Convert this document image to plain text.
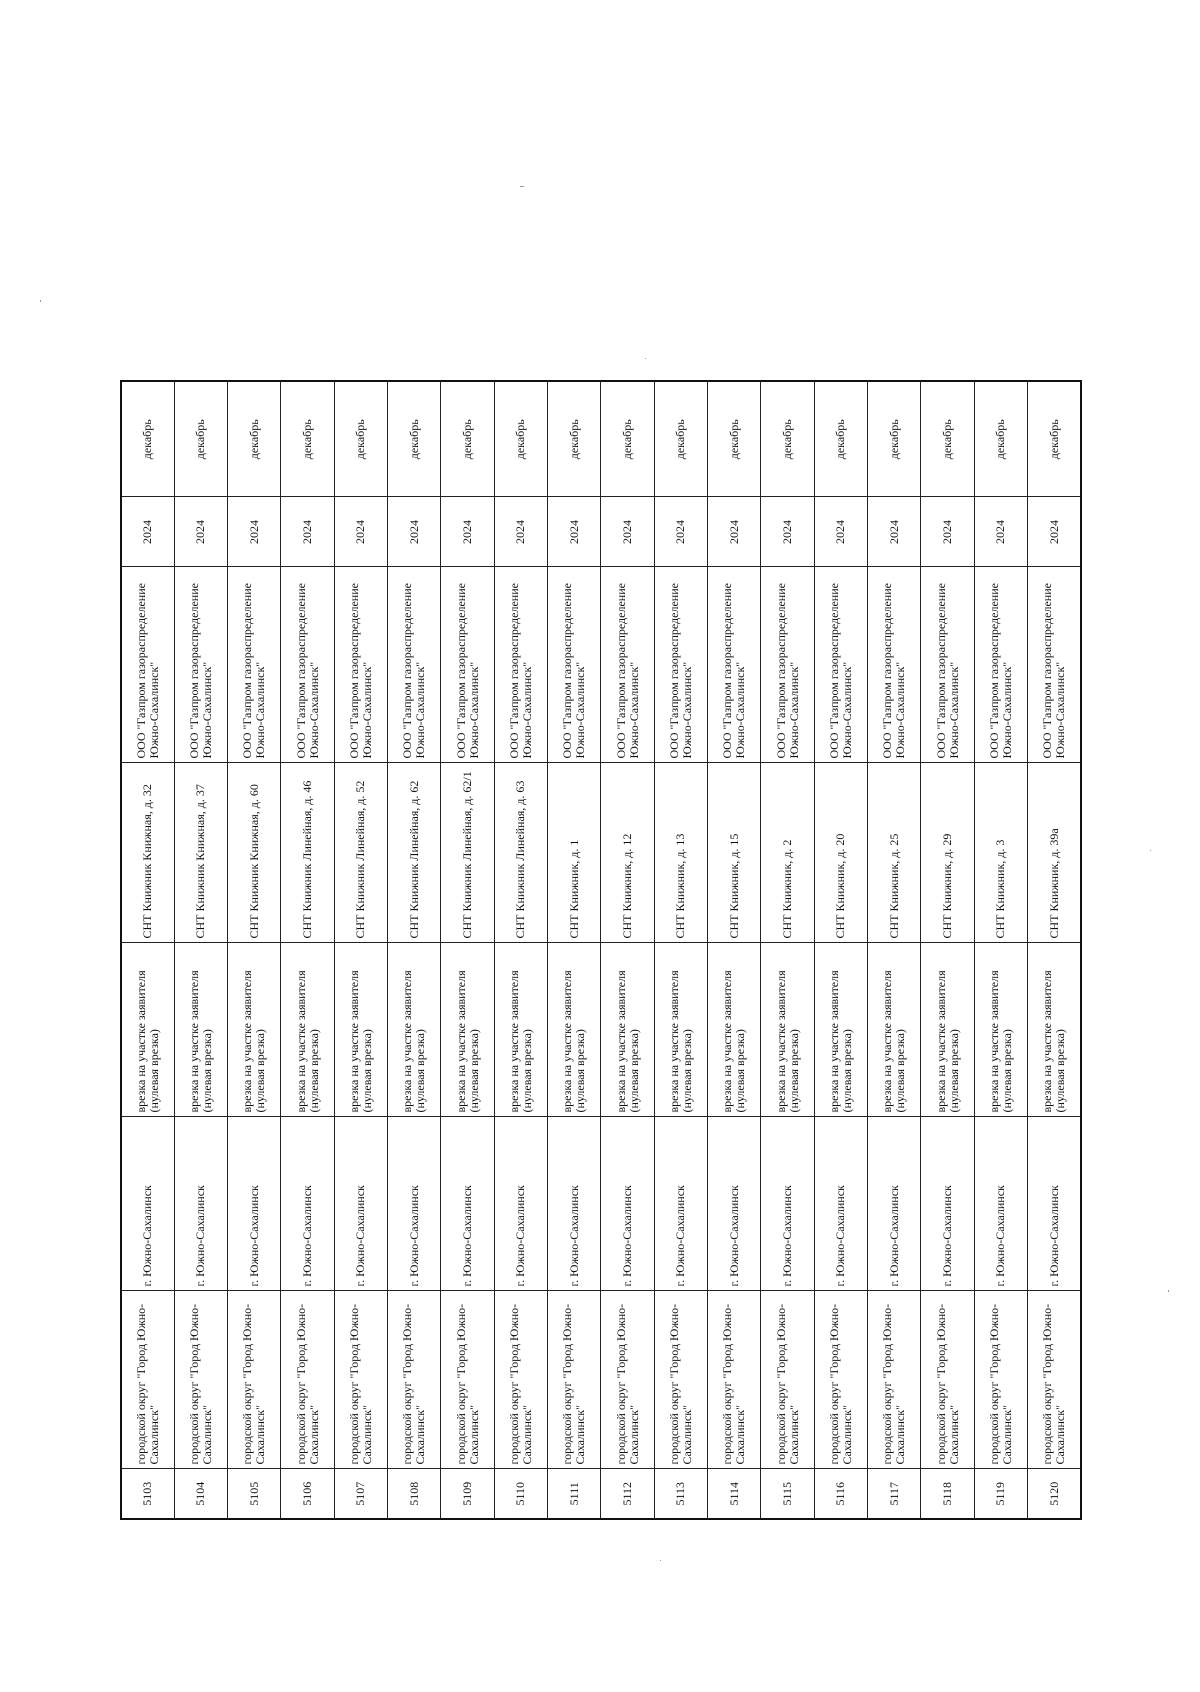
5103	городской округ "Город Южно-Сахалинск"	г. Южно-Сахалинск	врезка на участке заявителя (нулевая врезка)	СНТ Книжник Книжная, д. 32	ООО "Газпром газораспределение Южно-Сахалинск"	2024	декабрь
5104	городской округ "Город Южно-Сахалинск"	г. Южно-Сахалинск	врезка на участке заявителя (нулевая врезка)	СНТ Книжник Книжная, д. 37	ООО "Газпром газораспределение Южно-Сахалинск"	2024	декабрь
5105	городской округ "Город Южно-Сахалинск"	г. Южно-Сахалинск	врезка на участке заявителя (нулевая врезка)	СНТ Книжник Книжная, д. 60	ООО "Газпром газораспределение Южно-Сахалинск"	2024	декабрь
5106	городской округ "Город Южно-Сахалинск"	г. Южно-Сахалинск	врезка на участке заявителя (нулевая врезка)	СНТ Книжник Линейная, д. 46	ООО "Газпром газораспределение Южно-Сахалинск"	2024	декабрь
5107	городской округ "Город Южно-Сахалинск"	г. Южно-Сахалинск	врезка на участке заявителя (нулевая врезка)	СНТ Книжник Линейная, д. 52	ООО "Газпром газораспределение Южно-Сахалинск"	2024	декабрь
5108	городской округ "Город Южно-Сахалинск"	г. Южно-Сахалинск	врезка на участке заявителя (нулевая врезка)	СНТ Книжник Линейная, д. 62	ООО "Газпром газораспределение Южно-Сахалинск"	2024	декабрь
5109	городской округ "Город Южно-Сахалинск"	г. Южно-Сахалинск	врезка на участке заявителя (нулевая врезка)	СНТ Книжник Линейная, д. 62/1	ООО "Газпром газораспределение Южно-Сахалинск"	2024	декабрь
5110	городской округ "Город Южно-Сахалинск"	г. Южно-Сахалинск	врезка на участке заявителя (нулевая врезка)	СНТ Книжник Линейная, д. 63	ООО "Газпром газораспределение Южно-Сахалинск"	2024	декабрь
5111	городской округ "Город Южно-Сахалинск"	г. Южно-Сахалинск	врезка на участке заявителя (нулевая врезка)	СНТ Книжник, д. 1	ООО "Газпром газораспределение Южно-Сахалинск"	2024	декабрь
5112	городской округ "Город Южно-Сахалинск"	г. Южно-Сахалинск	врезка на участке заявителя (нулевая врезка)	СНТ Книжник, д. 12	ООО "Газпром газораспределение Южно-Сахалинск"	2024	декабрь
5113	городской округ "Город Южно-Сахалинск"	г. Южно-Сахалинск	врезка на участке заявителя (нулевая врезка)	СНТ Книжник, д. 13	ООО "Газпром газораспределение Южно-Сахалинск"	2024	декабрь
5114	городской округ "Город Южно-Сахалинск"	г. Южно-Сахалинск	врезка на участке заявителя (нулевая врезка)	СНТ Книжник, д. 15	ООО "Газпром газораспределение Южно-Сахалинск"	2024	декабрь
5115	городской округ "Город Южно-Сахалинск"	г. Южно-Сахалинск	врезка на участке заявителя (нулевая врезка)	СНТ Книжник, д. 2	ООО "Газпром газораспределение Южно-Сахалинск"	2024	декабрь
5116	городской округ "Город Южно-Сахалинск"	г. Южно-Сахалинск	врезка на участке заявителя (нулевая врезка)	СНТ Книжник, д. 20	ООО "Газпром газораспределение Южно-Сахалинск"	2024	декабрь
5117	городской округ "Город Южно-Сахалинск"	г. Южно-Сахалинск	врезка на участке заявителя (нулевая врезка)	СНТ Книжник, д. 25	ООО "Газпром газораспределение Южно-Сахалинск"	2024	декабрь
5118	городской округ "Город Южно-Сахалинск"	г. Южно-Сахалинск	врезка на участке заявителя (нулевая врезка)	СНТ Книжник, д. 29	ООО "Газпром газораспределение Южно-Сахалинск"	2024	декабрь
5119	городской округ "Город Южно-Сахалинск"	г. Южно-Сахалинск	врезка на участке заявителя (нулевая врезка)	СНТ Книжник, д. 3	ООО "Газпром газораспределение Южно-Сахалинск"	2024	декабрь
5120	городской округ "Город Южно-Сахалинск"	г. Южно-Сахалинск	врезка на участке заявителя (нулевая врезка)	СНТ Книжник, д. 39а	ООО "Газпром газораспределение Южно-Сахалинск"	2024	декабрь
